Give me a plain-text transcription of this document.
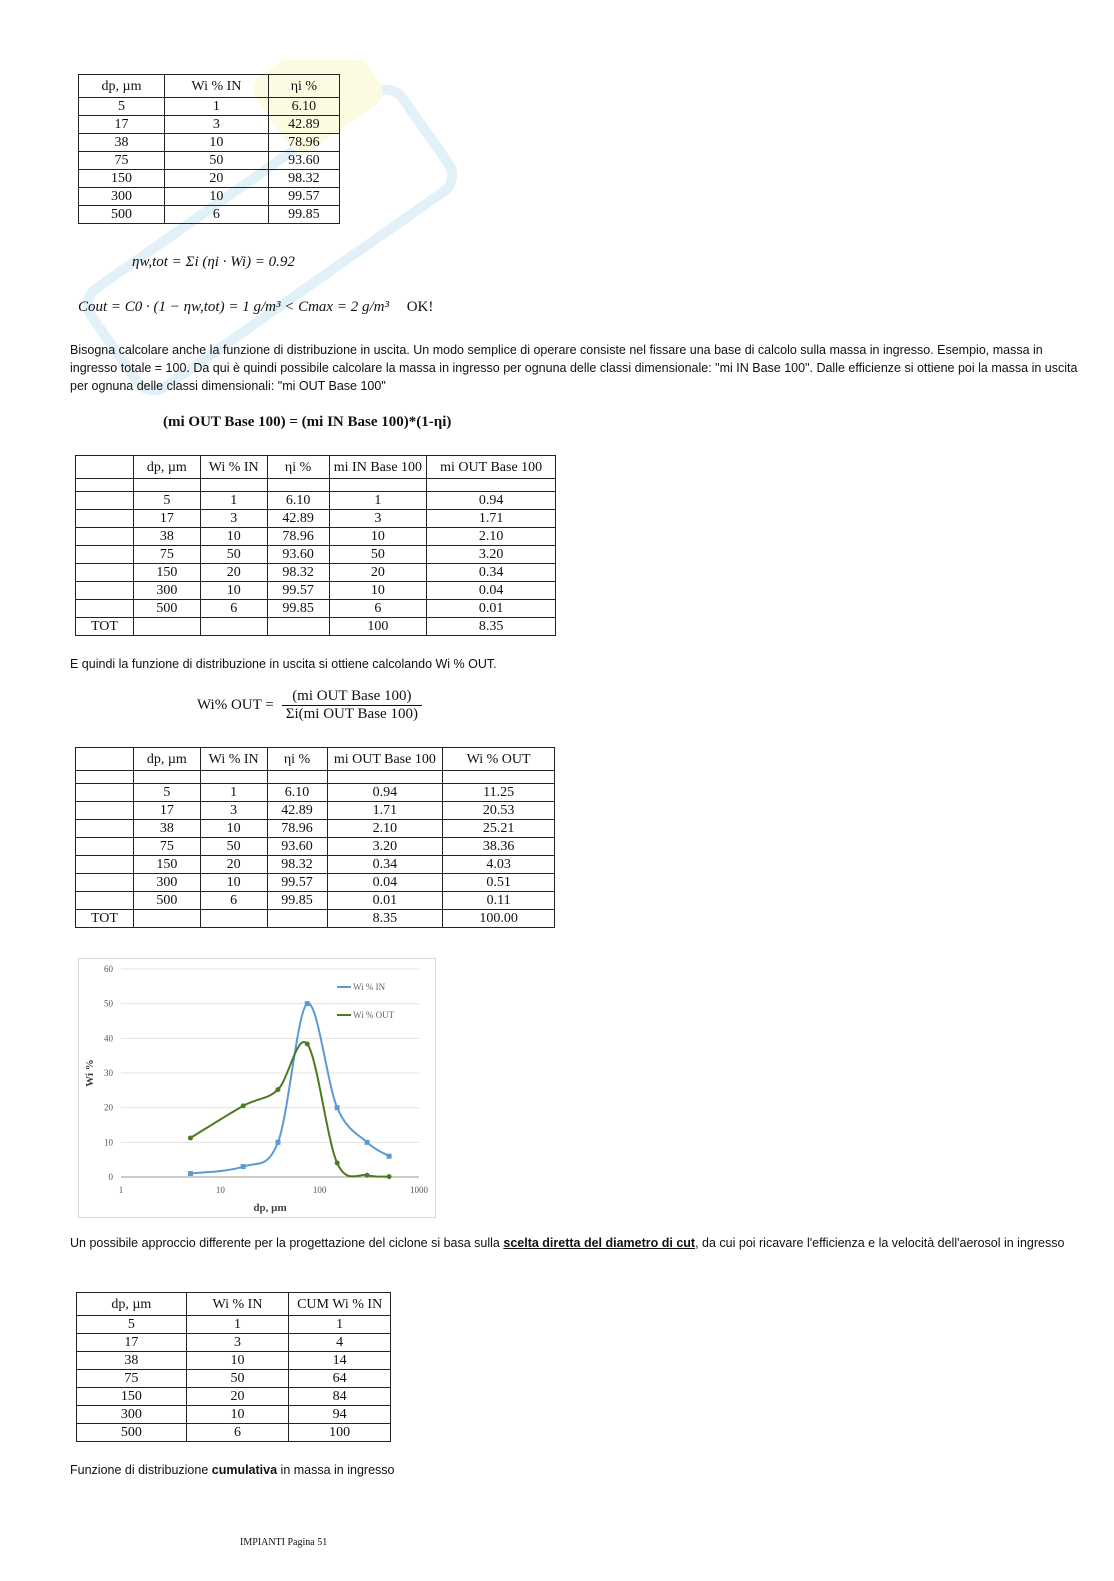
dp, µm	Wi % IN	ηi %
5	1	6.10
17	3	42.89
38	10	78.96
75	50	93.60
150	20	98.32
300	10	99.57
500	6	99.85
ηw,tot = Σi (ηi · Wi) = 0.92
Cout = C0 · (1 − ηw,tot) = 1 g/m³ < Cmax = 2 g/m³ OK!
Bisogna calcolare anche la funzione di distribuzione in uscita. Un modo semplice di operare consiste nel fissare una base di calcolo sulla massa in ingresso. Esempio, massa in ingresso totale = 100. Da qui è quindi possibile calcolare la massa in ingresso per ognuna delle classi dimensionale: "mi IN Base 100". Dalle efficienze si ottiene poi la massa in uscita per ognuna delle classi dimensionali: "mi OUT Base 100"
(mi OUT Base 100) = (mi IN Base 100)*(1-ηi)
	dp, µm	Wi % IN	ηi %	mi IN Base 100	mi OUT Base 100

	5	1	6.10	1	0.94
	17	3	42.89	3	1.71
	38	10	78.96	10	2.10
	75	50	93.60	50	3.20
	150	20	98.32	20	0.34
	300	10	99.57	10	0.04
	500	6	99.85	6	0.01
TOT				100	8.35
E quindi la funzione di distribuzione in uscita si ottiene calcolando Wi % OUT.
Wi% OUT =
(mi OUT Base 100)
Σi(mi OUT Base 100)
	dp, µm	Wi % IN	ηi %	mi OUT Base 100	Wi % OUT

	5	1	6.10	0.94	11.25
	17	3	42.89	1.71	20.53
	38	10	78.96	2.10	25.21
	75	50	93.60	3.20	38.36
	150	20	98.32	0.34	4.03
	300	10	99.57	0.04	0.51
	500	6	99.85	0.01	0.11
TOT				8.35	100.00
0
10
20
30
40
50
60
1	10	100	1000
dp, µm
Wi %
Wi % IN
Wi % OUT
Un possibile approccio differente per la progettazione del ciclone si basa sulla scelta diretta del diametro di cut, da cui poi ricavare l'efficienza e la velocità dell'aerosol in ingresso
dp, µm	Wi % IN	CUM Wi % IN
5	1	1
17	3	4
38	10	14
75	50	64
150	20	84
300	10	94
500	6	100
Funzione di distribuzione cumulativa in massa in ingresso
IMPIANTI Pagina 51
